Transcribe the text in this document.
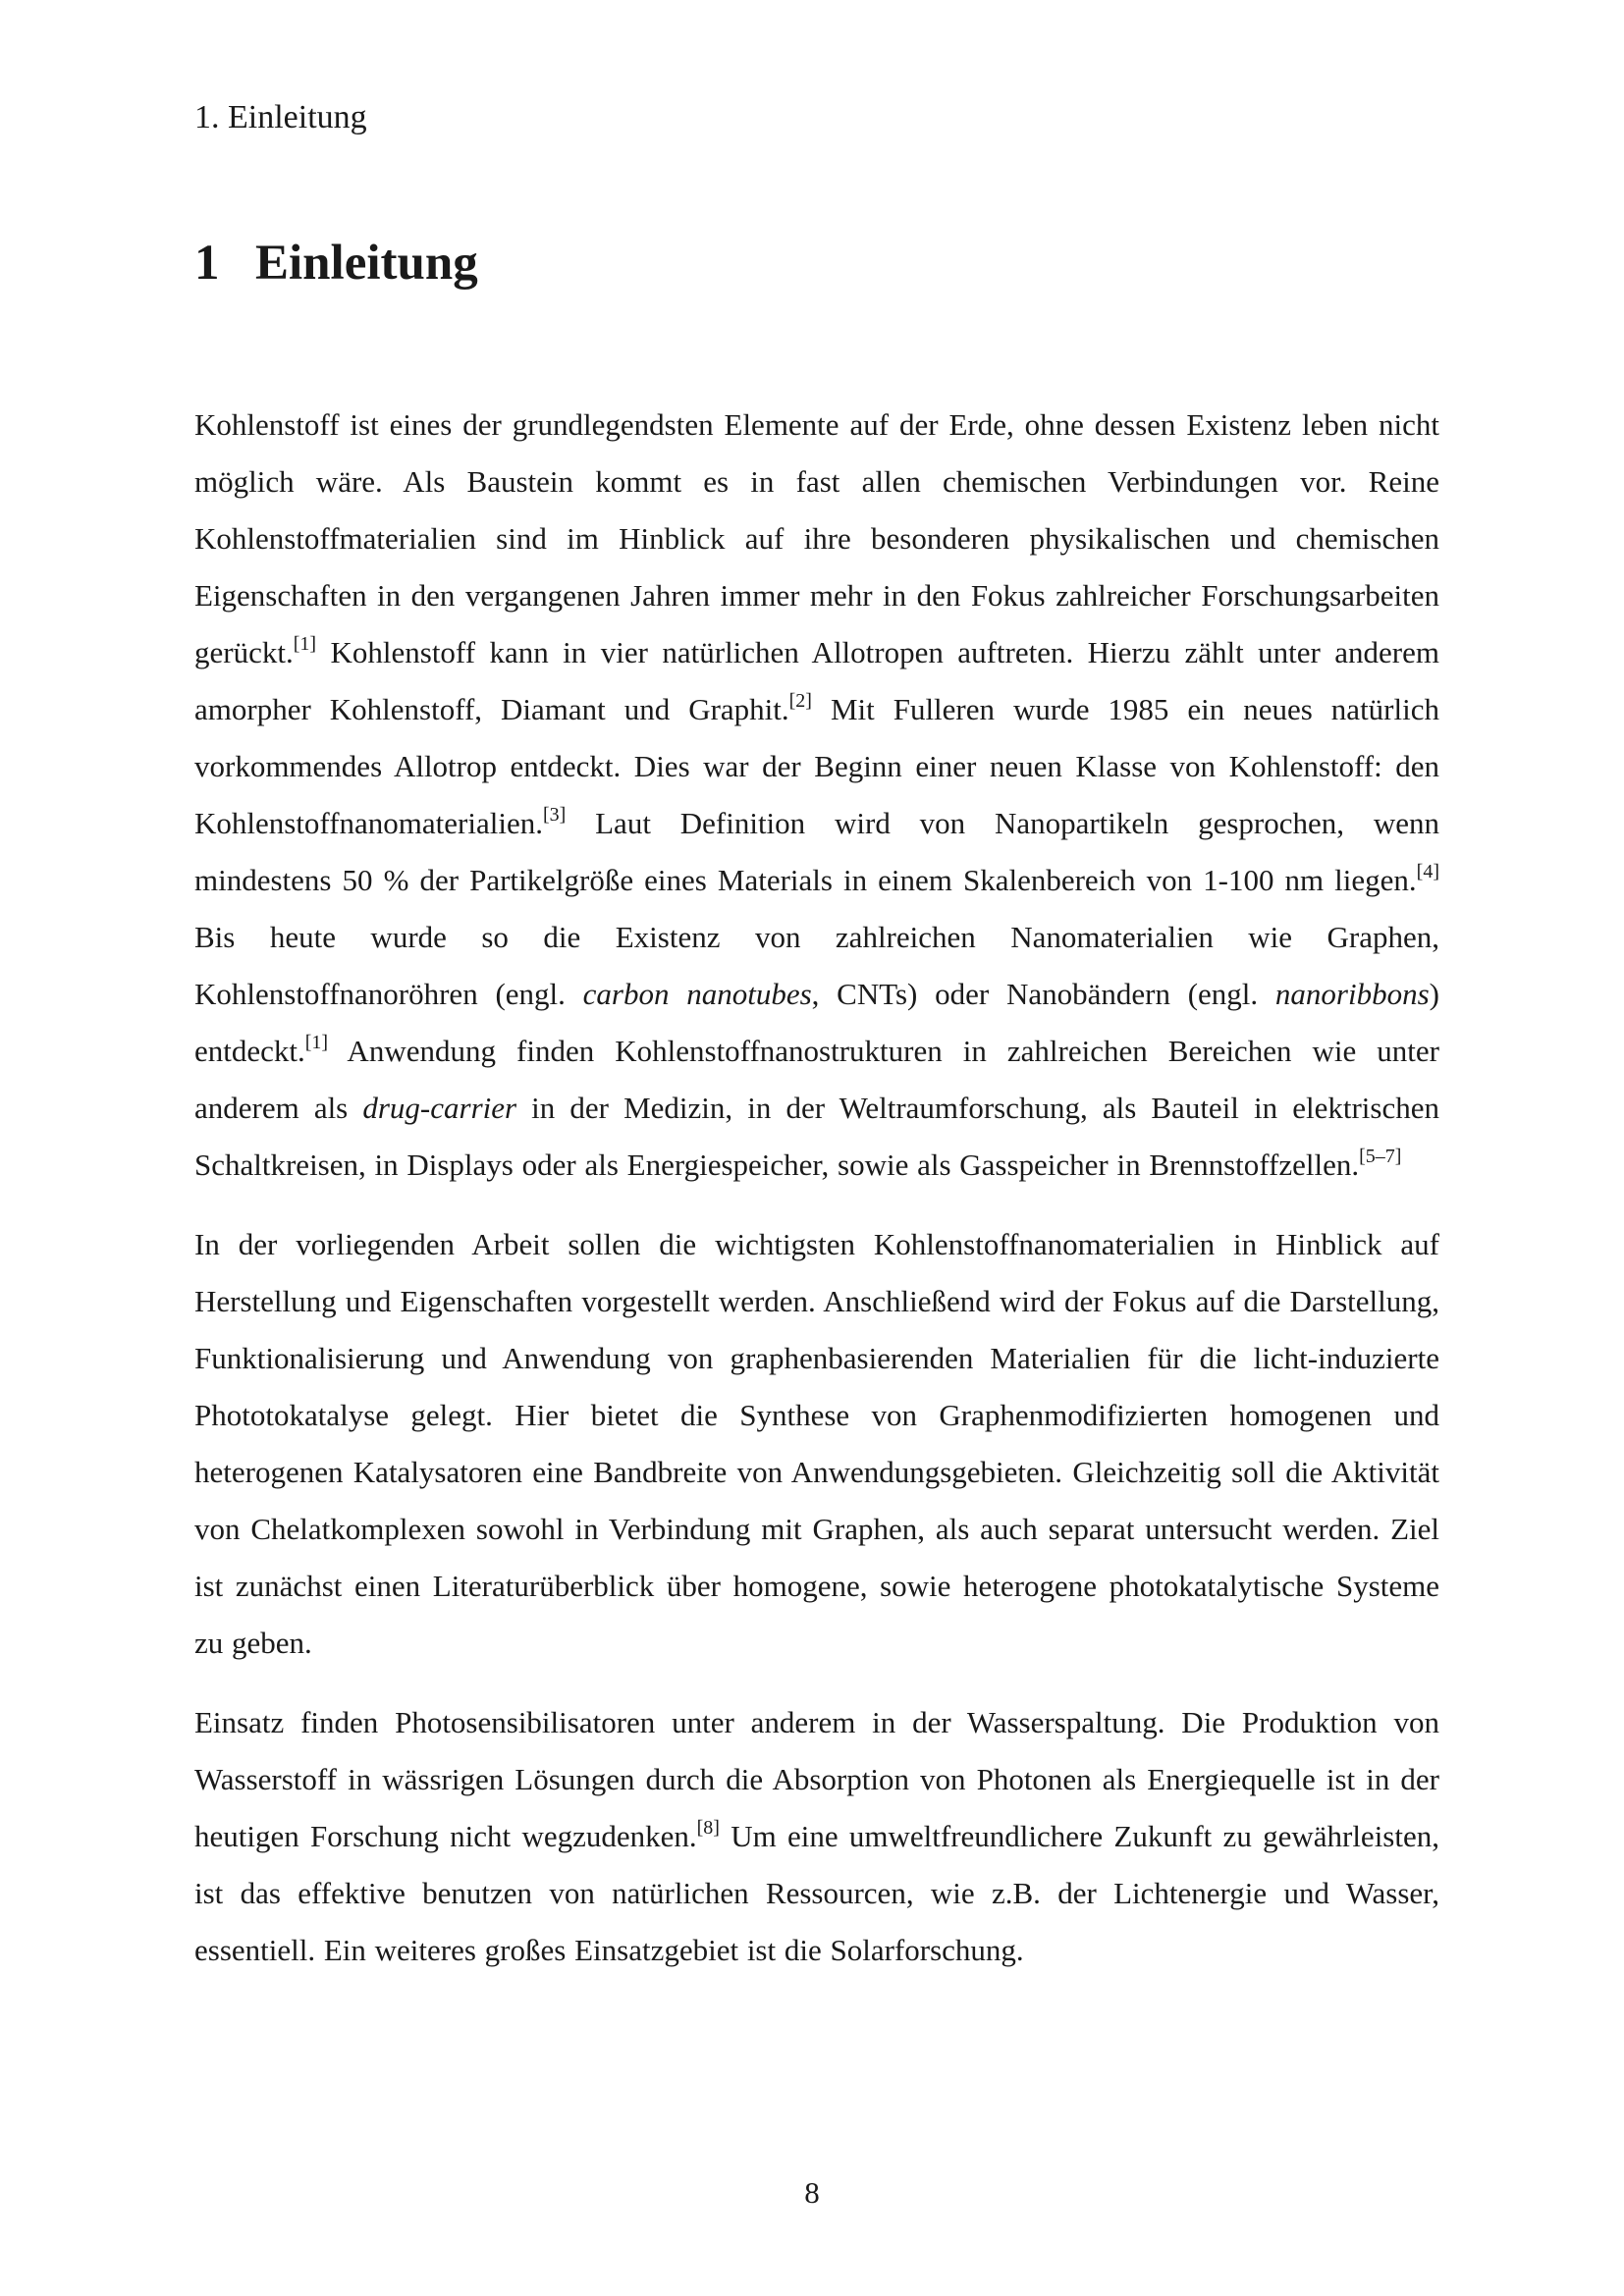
1. Einleitung
1 Einleitung

Kohlenstoff ist eines der grundlegendsten Elemente auf der Erde, ohne dessen Existenz leben nicht möglich wäre. Als Baustein kommt es in fast allen chemischen Verbindungen vor. Reine Kohlenstoffmaterialien sind im Hinblick auf ihre besonderen physikalischen und chemischen Eigenschaften in den vergangenen Jahren immer mehr in den Fokus zahlreicher Forschungsarbeiten gerückt.[1] Kohlenstoff kann in vier natürlichen Allotropen auftreten. Hierzu zählt unter anderem amorpher Kohlenstoff, Diamant und Graphit.[2] Mit Fulleren wurde 1985 ein neues natürlich vorkommendes Allotrop entdeckt. Dies war der Beginn einer neuen Klasse von Kohlenstoff: den Kohlenstoffnanomaterialien.[3] Laut Definition wird von Nanopartikeln gesprochen, wenn mindestens 50 % der Partikelgröße eines Materials in einem Skalenbereich von 1-100 nm liegen.[4] Bis heute wurde so die Existenz von zahlreichen Nanomaterialien wie Graphen, Kohlenstoffnanoröhren (engl. carbon nanotubes, CNTs) oder Nanobändern (engl. nanoribbons) entdeckt.[1] Anwendung finden Kohlenstoffnanostrukturen in zahlreichen Bereichen wie unter anderem als drug-carrier in der Medizin, in der Weltraumforschung, als Bauteil in elektrischen Schaltkreisen, in Displays oder als Energiespeicher, sowie als Gasspeicher in Brennstoffzellen.[5–7]

In der vorliegenden Arbeit sollen die wichtigsten Kohlenstoffnanomaterialien in Hinblick auf Herstellung und Eigenschaften vorgestellt werden. Anschließend wird der Fokus auf die Darstellung, Funktionalisierung und Anwendung von graphenbasierenden Materialien für die licht-induzierte Phototokatalyse gelegt. Hier bietet die Synthese von Graphenmodifizierten homogenen und heterogenen Katalysatoren eine Bandbreite von Anwendungsgebieten. Gleichzeitig soll die Aktivität von Chelatkomplexen sowohl in Verbindung mit Graphen, als auch separat untersucht werden. Ziel ist zunächst einen Literaturüberblick über homogene, sowie heterogene photokatalytische Systeme zu geben.

Einsatz finden Photosensibilisatoren unter anderem in der Wasserspaltung. Die Produktion von Wasserstoff in wässrigen Lösungen durch die Absorption von Photonen als Energiequelle ist in der heutigen Forschung nicht wegzudenken.[8] Um eine umweltfreundlichere Zukunft zu gewährleisten, ist das effektive benutzen von natürlichen Ressourcen, wie z.B. der Lichtenergie und Wasser, essentiell. Ein weiteres großes Einsatzgebiet ist die Solarforschung.

8
